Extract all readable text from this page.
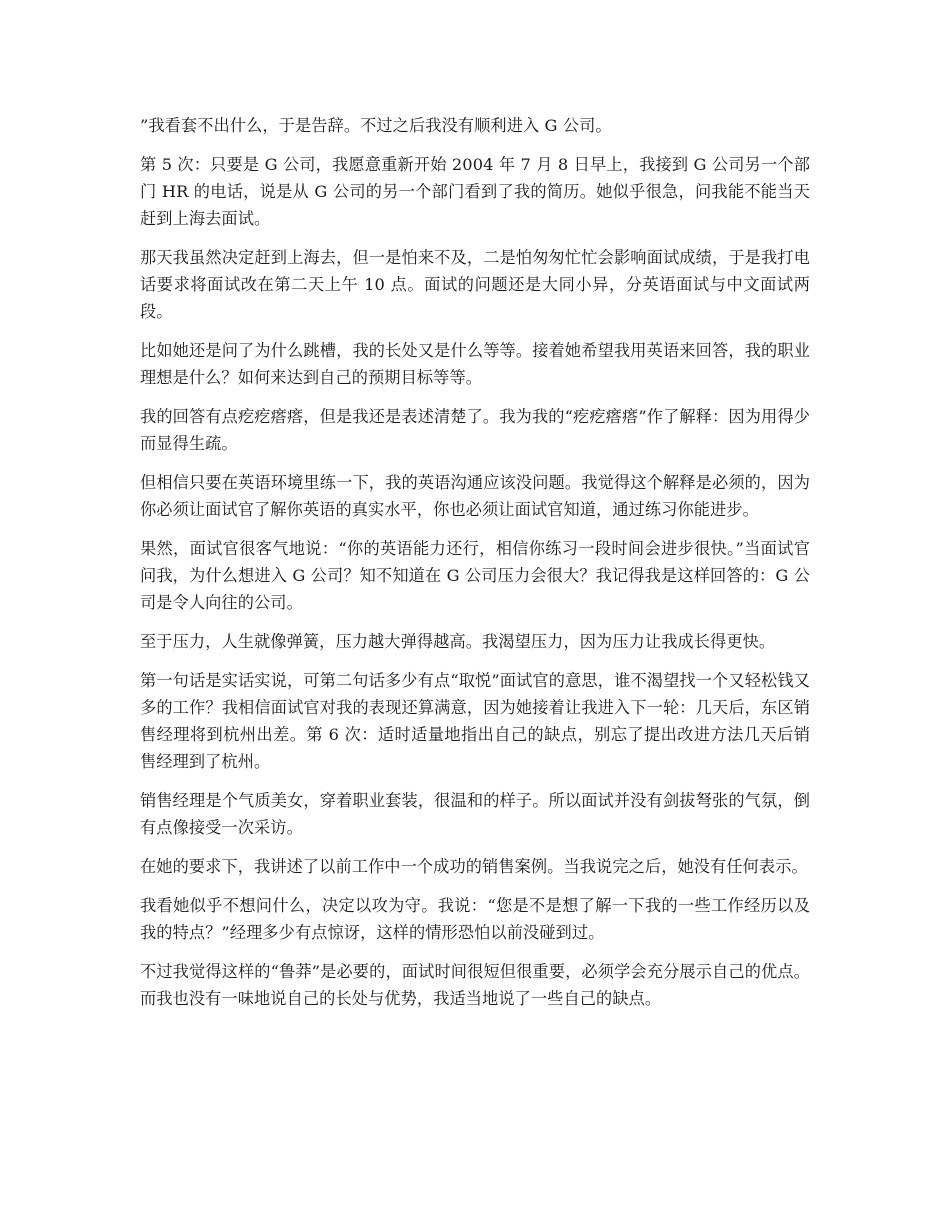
”我看套不出什么，于是告辞。不过之后我没有顺利进入 G 公司。

第 5 次：只要是 G 公司，我愿意重新开始 2004 年 7 月 8 日早上，我接到 G 公司另一个部门 HR 的电话，说是从 G 公司的另一个部门看到了我的简历。她似乎很急，问我能不能当天赶到上海去面试。

那天我虽然决定赶到上海去，但一是怕来不及，二是怕匆匆忙忙会影响面试成绩，于是我打电话要求将面试改在第二天上午 10 点。面试的问题还是大同小异，分英语面试与中文面试两段。

比如她还是问了为什么跳槽，我的长处又是什么等等。接着她希望我用英语来回答，我的职业理想是什么？如何来达到自己的预期目标等等。

我的回答有点疙疙瘩瘩，但是我还是表述清楚了。我为我的“疙疙瘩瘩”作了解释：因为用得少而显得生疏。

但相信只要在英语环境里练一下，我的英语沟通应该没问题。我觉得这个解释是必须的，因为你必须让面试官了解你英语的真实水平，你也必须让面试官知道，通过练习你能进步。

果然，面试官很客气地说：“你的英语能力还行，相信你练习一段时间会进步很快。”当面试官问我，为什么想进入 G 公司？知不知道在 G 公司压力会很大？我记得我是这样回答的：G 公司是令人向往的公司。

至于压力，人生就像弹簧，压力越大弹得越高。我渴望压力，因为压力让我成长得更快。

第一句话是实话实说，可第二句话多少有点“取悦”面试官的意思，谁不渴望找一个又轻松钱又多的工作？我相信面试官对我的表现还算满意，因为她接着让我进入下一轮：几天后，东区销售经理将到杭州出差。第 6 次：适时适量地指出自己的缺点，别忘了提出改进方法几天后销售经理到了杭州。

销售经理是个气质美女，穿着职业套装，很温和的样子。所以面试并没有剑拔弩张的气氛，倒有点像接受一次采访。

在她的要求下，我讲述了以前工作中一个成功的销售案例。当我说完之后，她没有任何表示。

我看她似乎不想问什么，决定以攻为守。我说：“您是不是想了解一下我的一些工作经历以及我的特点？”经理多少有点惊讶，这样的情形恐怕以前没碰到过。

不过我觉得这样的“鲁莽”是必要的，面试时间很短但很重要，必须学会充分展示自己的优点。而我也没有一味地说自己的长处与优势，我适当地说了一些自己的缺点。
